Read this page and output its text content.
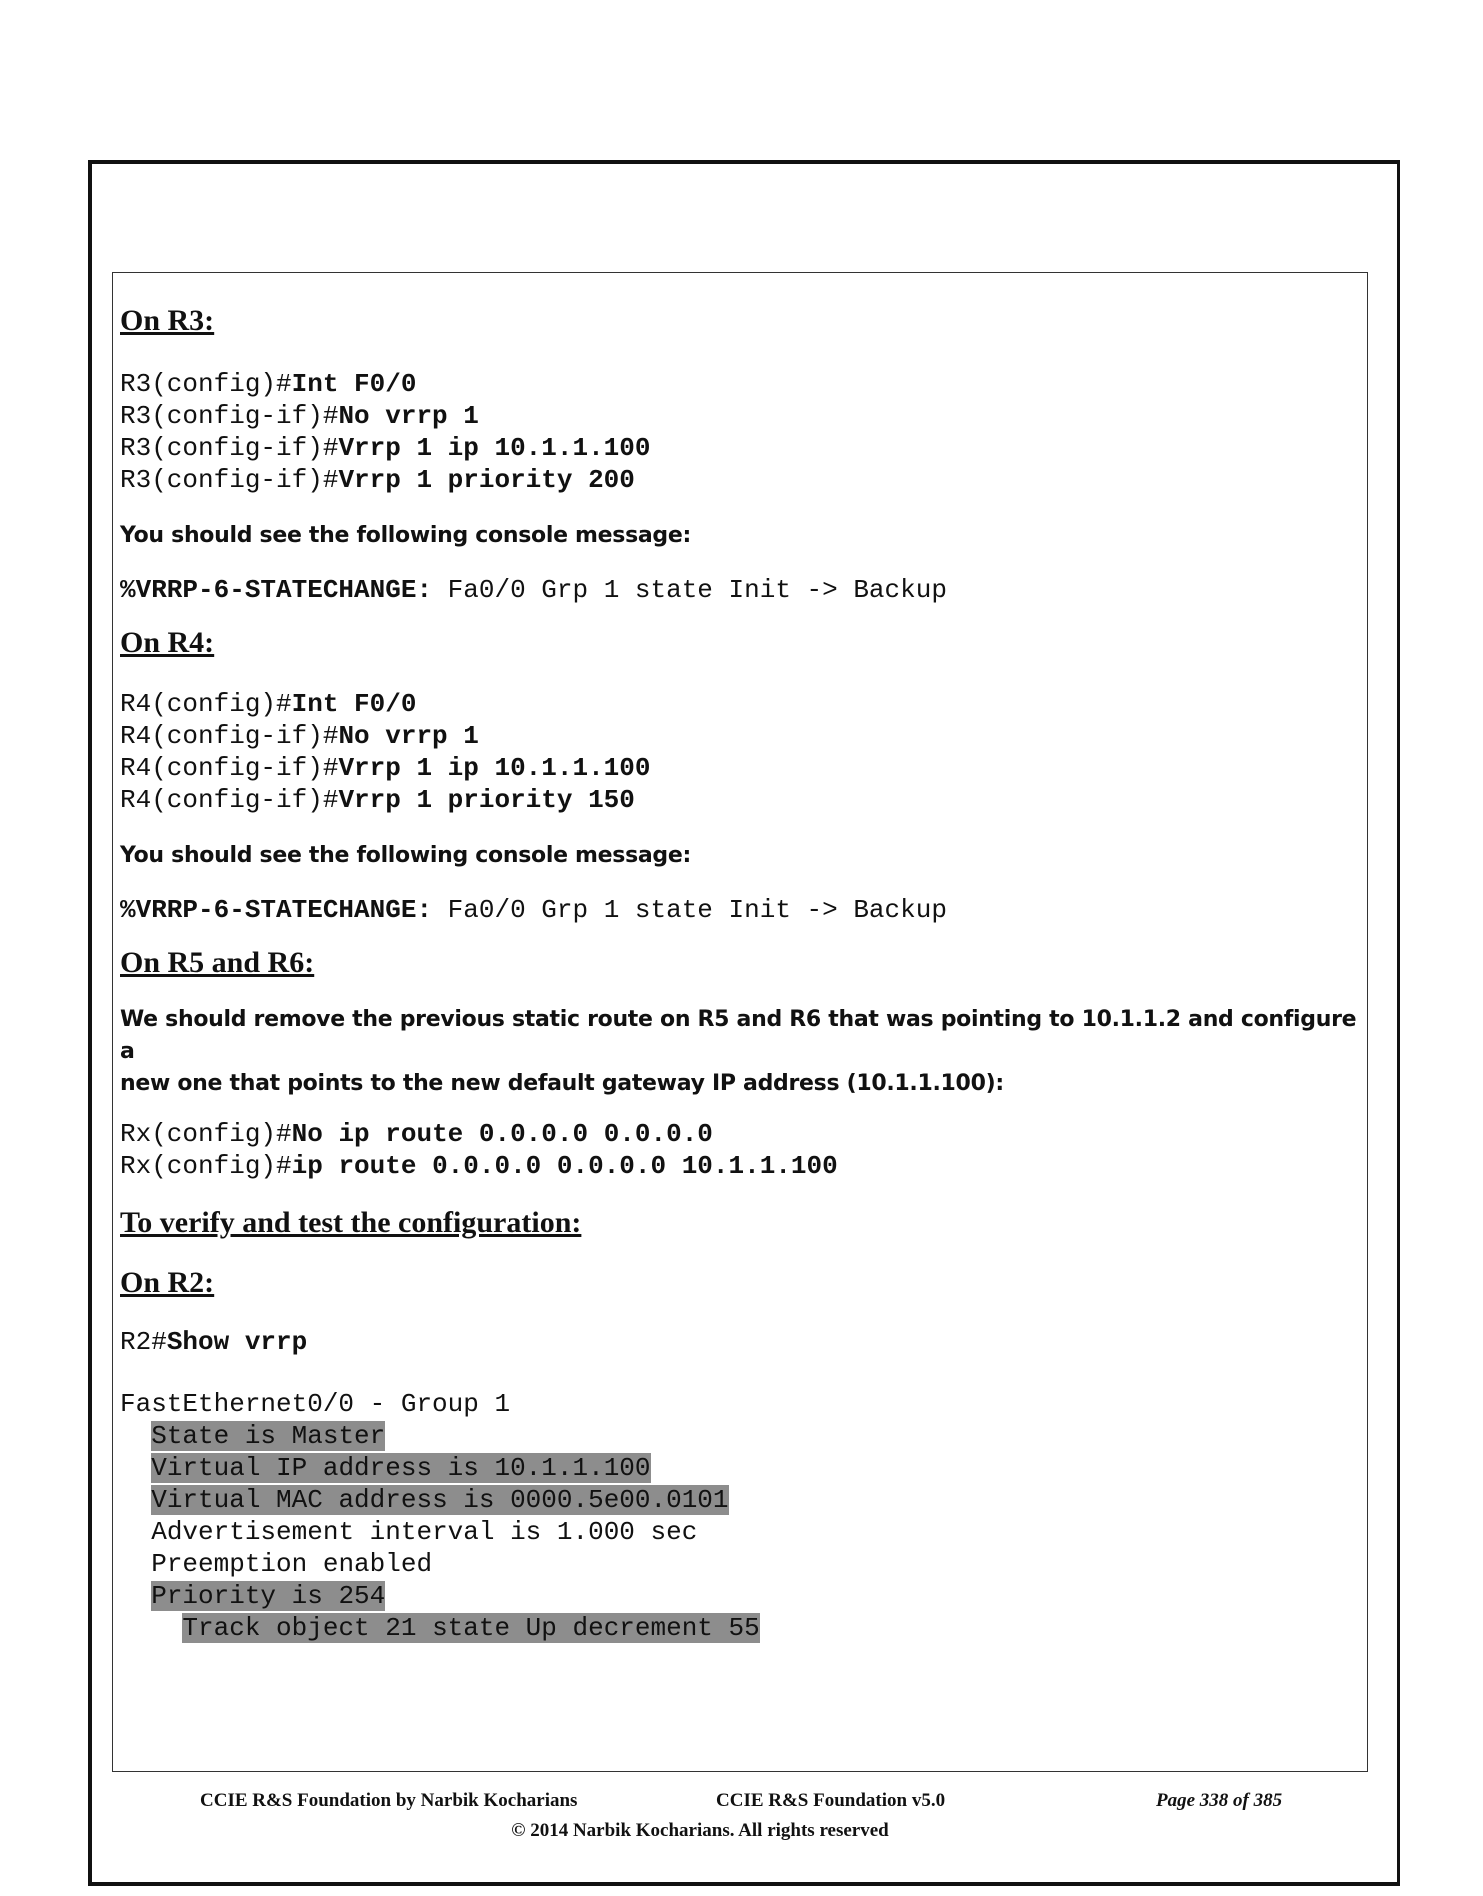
On R3:

R3(config)#Int F0/0

R3(config-if)#No vrrp 1

R3(config-if)#Vrrp 1 ip 10.1.1.100

R3(config-if)#Vrrp 1 priority 200

You should see the following console message:

%VRRP-6-STATECHANGE: Fa0/0 Grp 1 state Init -> Backup

On R4:

R4(config)#Int F0/0

R4(config-if)#No vrrp 1

R4(config-if)#Vrrp 1 ip 10.1.1.100

R4(config-if)#Vrrp 1 priority 150

You should see the following console message:

%VRRP-6-STATECHANGE: Fa0/0 Grp 1 state Init -> Backup

On R5 and R6:

We should remove the previous static route on R5 and R6 that was pointing to 10.1.1.2 and configure a

new one that points to the new default gateway IP address (10.1.1.100):

Rx(config)#No ip route 0.0.0.0 0.0.0.0

Rx(config)#ip route 0.0.0.0 0.0.0.0 10.1.1.100

To verify and test the configuration:
On R2:

R2#Show vrrp

FastEthernet0/0 - Group 1

State is Master

Virtual IP address is 10.1.1.100

Virtual MAC address is 0000.5e00.0101

Advertisement interval is 1.000 sec

Preemption enabled

Priority is 254

Track object 21 state Up decrement 55

CCIE R&S Foundation by Narbik Kocharians	CCIE R&S Foundation v5.0	Page 338 of 385
© 2014 Narbik Kocharians. All rights reserved
